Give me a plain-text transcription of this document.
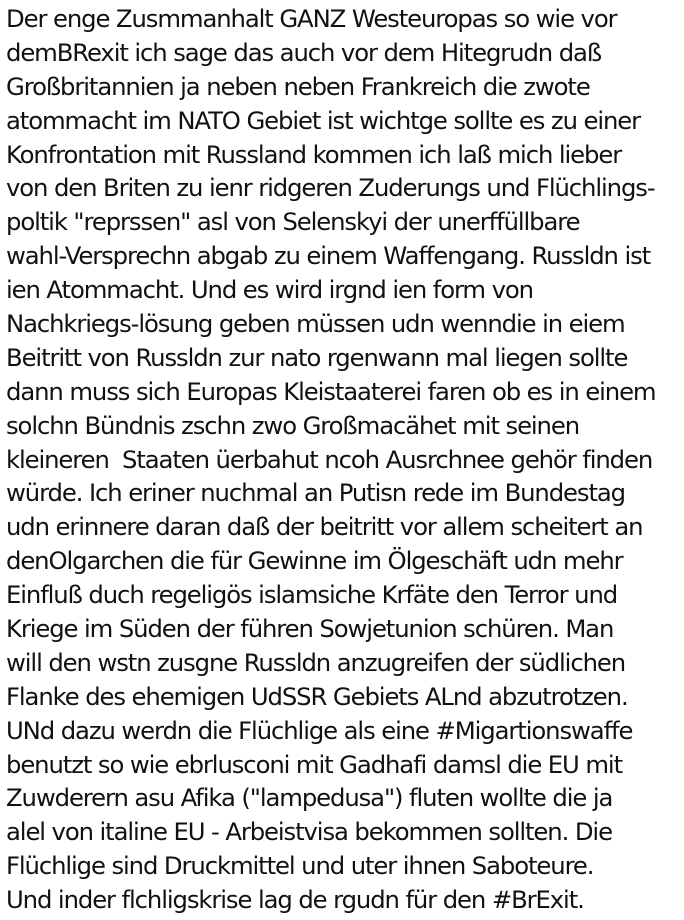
Der enge Zusmmanhalt GANZ Westeuropas so wie vor
demBRexit ich sage das auch vor dem Hitegrudn daß
Großbritannien ja neben neben Frankreich die zwote
atommacht im NATO Gebiet ist wichtge sollte es zu einer
Konfrontation mit Russland kommen ich laß mich lieber
von den Briten zu ienr ridgeren Zuderungs und Flüchlings-
poltik "reprssen" asl von Selenskyi der unerffüllbare
wahl-Versprechn abgab zu einem Waffengang. Russldn ist
ien Atommacht. Und es wird irgnd ien form von
Nachkriegs-lösung geben müssen udn wenndie in eiem
Beitritt von Russldn zur nato rgenwann mal liegen sollte
dann muss sich Europas Kleistaaterei faren ob es in einem
solchn Bündnis zschn zwo Großmacähet mit seinen
kleineren  Staaten üerbahut ncoh Ausrchnee gehör finden
würde. Ich eriner nuchmal an Putisn rede im Bundestag
udn erinnere daran daß der beitritt vor allem scheitert an
denOlgarchen die für Gewinne im Ölgeschäft udn mehr
Einfluß duch regeligös islamsiche Krfäte den Terror und
Kriege im Süden der führen Sowjetunion schüren. Man
will den wstn zusgne Russldn anzugreifen der südlichen
Flanke des ehemigen UdSSR Gebiets ALnd abzutrotzen.
UNd dazu werdn die Flüchlige als eine #Migartionswaffe
benutzt so wie ebrlusconi mit Gadhafi damsl die EU mit
Zuwderern asu Afika ("lampedusa") fluten wollte die ja
alel von italine EU - Arbeistvisa bekommen sollten. Die
Flüchlige sind Druckmittel und uter ihnen Saboteure.
Und inder flchligskrise lag de rgudn für den #BrExit.
